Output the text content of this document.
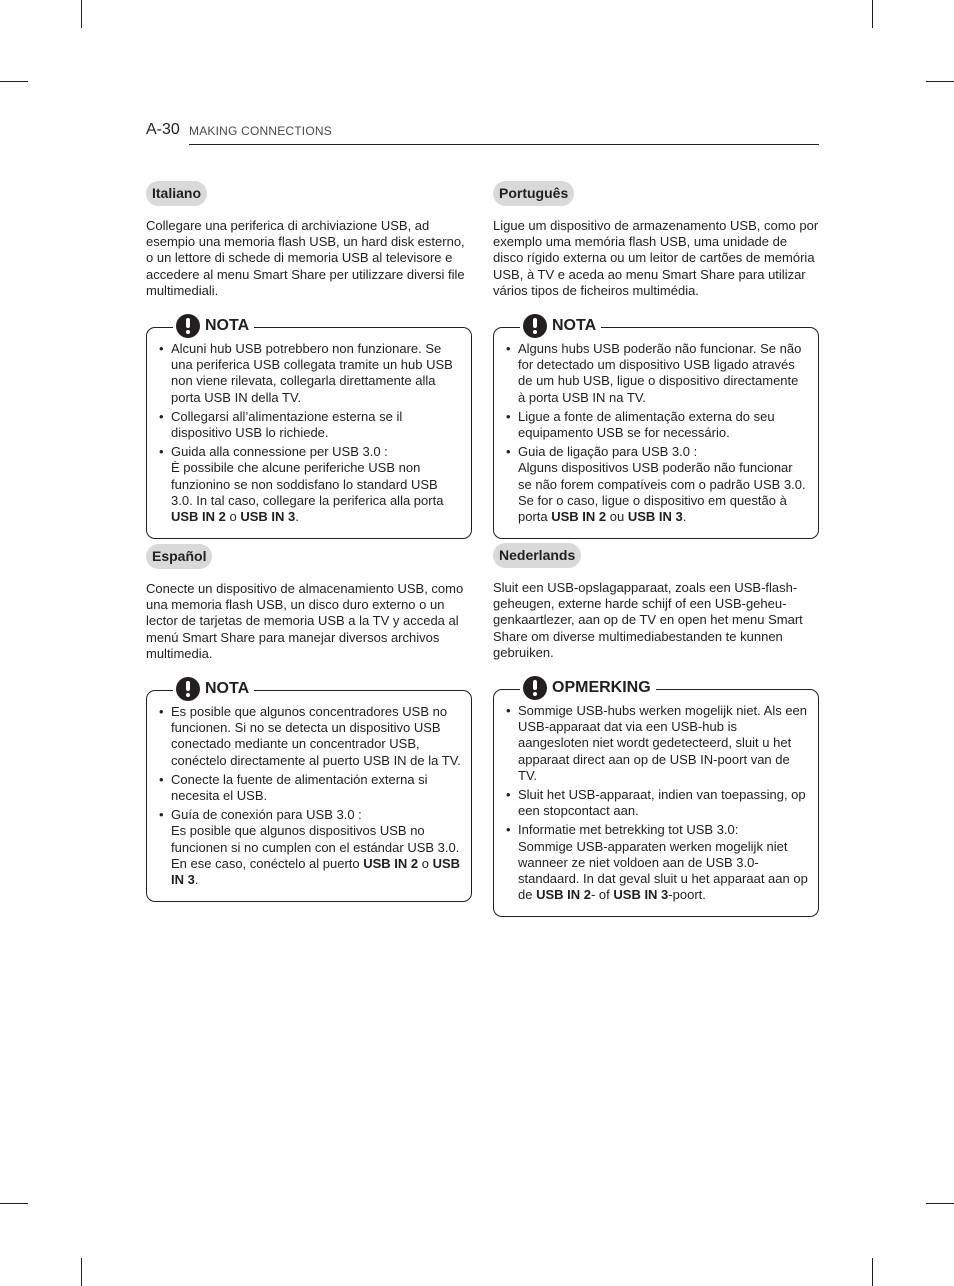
A-30 MAKING CONNECTIONS
Italiano
Collegare una periferica di archiviazione USB, ad esempio una memoria flash USB, un hard disk esterno, o un lettore di schede di memoria USB al televisore e accedere al menu Smart Share per utilizzare diversi file multimediali.
NOTA
• Alcuni hub USB potrebbero non funzionare. Se una periferica USB collegata tramite un hub USB non viene rilevata, collegarla direttamente alla porta USB IN della TV.
• Collegarsi all’alimentazione esterna se il dispositivo USB lo richiede.
• Guida alla connessione per USB 3.0 :
È possibile che alcune periferiche USB non funzionino se non soddisfano lo standard USB 3.0. In tal caso, collegare la periferica alla porta USB IN 2 o USB IN 3.
Português
Ligue um dispositivo de armazenamento USB, como por exemplo uma memória flash USB, uma unidade de disco rígido externa ou um leitor de cartões de memória USB, à TV e aceda ao menu Smart Share para utilizar vários tipos de ficheiros multimédia.
NOTA
• Alguns hubs USB poderão não funcionar. Se não for detectado um dispositivo USB ligado através de um hub USB, ligue o dispositivo directamente à porta USB IN na TV.
• Ligue a fonte de alimentação externa do seu equipamento USB se for necessário.
• Guia de ligação para USB 3.0 :
Alguns dispositivos USB poderão não funcionar se não forem compatíveis com o padrão USB 3.0. Se for o caso, ligue o dispositivo em questão à porta USB IN 2 ou USB IN 3.
Español
Conecte un dispositivo de almacenamiento USB, como una memoria flash USB, un disco duro externo o un lector de tarjetas de memoria USB a la TV y acceda al menú Smart Share para manejar diversos archivos multimedia.
NOTA
• Es posible que algunos concentradores USB no funcionen. Si no se detecta un dispositivo USB conectado mediante un concentrador USB, conéctelo directamente al puerto USB IN de la TV.
• Conecte la fuente de alimentación externa si necesita el USB.
• Guía de conexión para USB 3.0 :
Es posible que algunos dispositivos USB no funcionen si no cumplen con el estándar USB 3.0. En ese caso, conéctelo al puerto USB IN 2 o USB IN 3.
Nederlands
Sluit een USB-opslagapparaat, zoals een USB-flash-geheugen, externe harde schijf of een USB-geheu-genkaartlezer, aan op de TV en open het menu Smart Share om diverse multimediabestanden te kunnen gebruiken.
OPMERKING
• Sommige USB-hubs werken mogelijk niet. Als een USB-apparaat dat via een USB-hub is aangesloten niet wordt gedetecteerd, sluit u het apparaat direct aan op de USB IN-poort van de TV.
• Sluit het USB-apparaat, indien van toepassing, op een stopcontact aan.
• Informatie met betrekking tot USB 3.0:
Sommige USB-apparaten werken mogelijk niet wanneer ze niet voldoen aan de USB 3.0-standaard. In dat geval sluit u het apparaat aan op de USB IN 2- of USB IN 3-poort.
